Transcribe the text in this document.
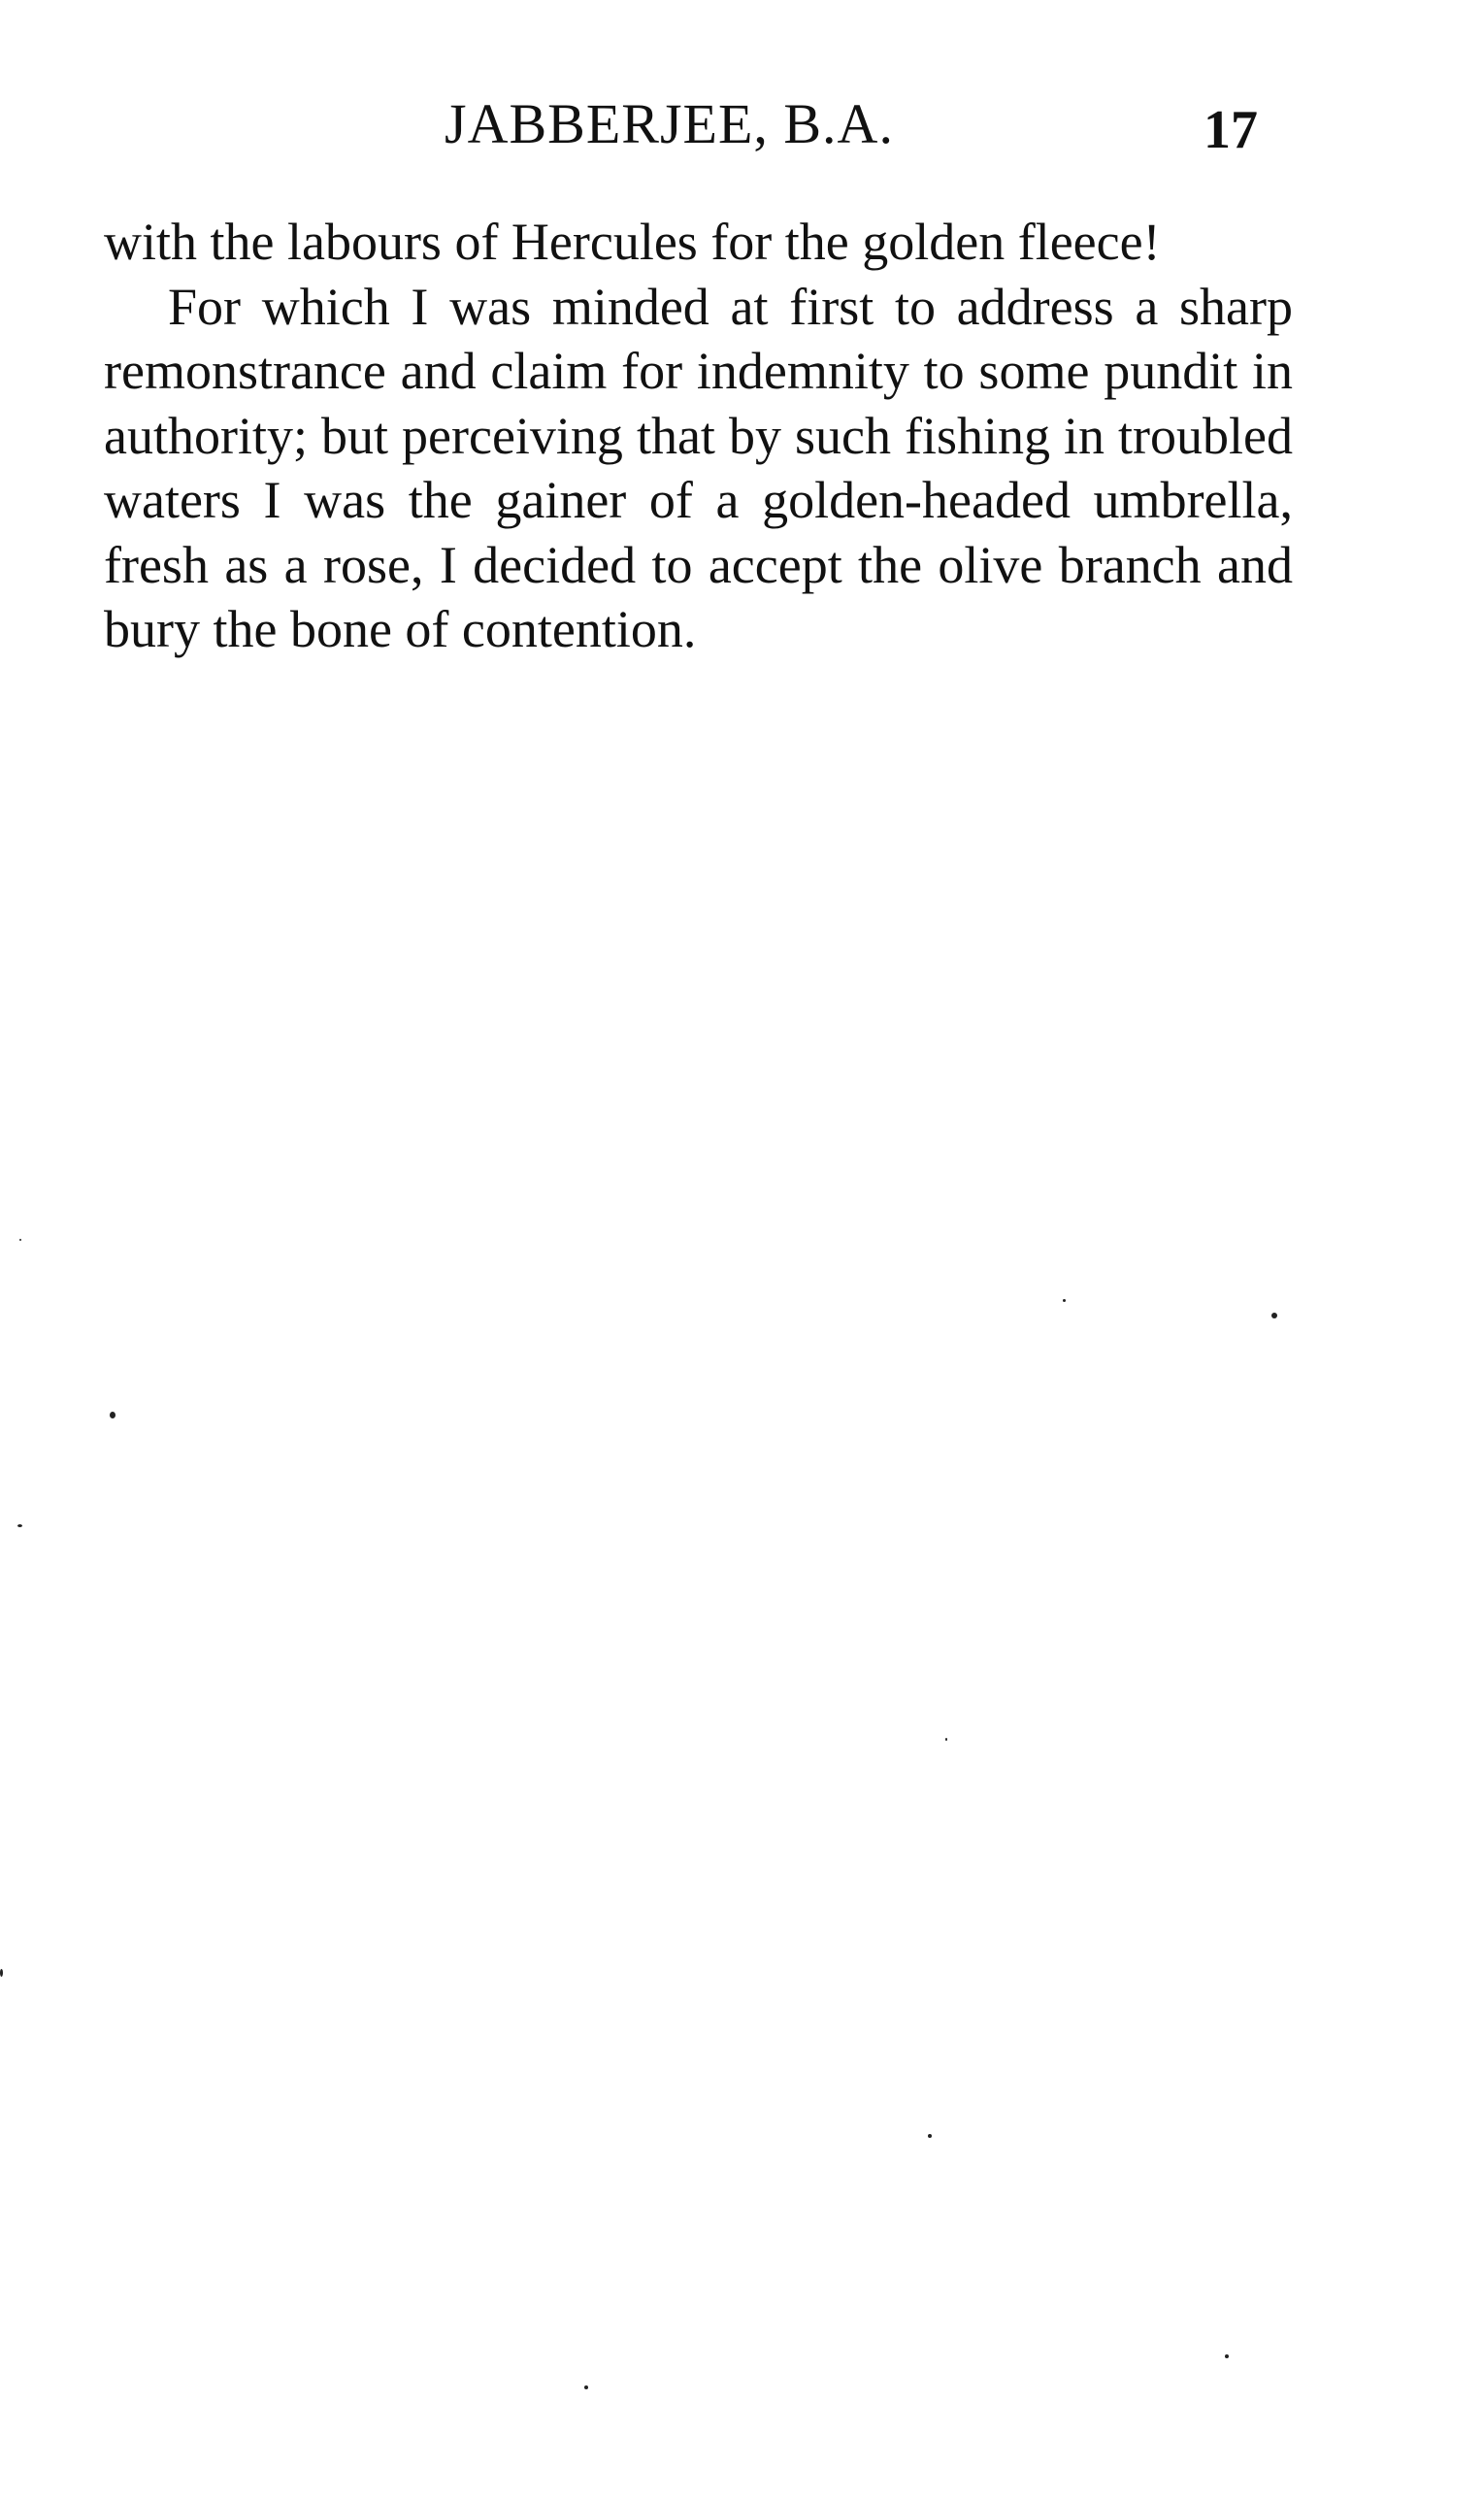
JABBERJEE, B.A.	17

with the labours of Hercules for the golden fleece!

For which I was minded at first to address a sharp remonstrance and claim for indemnity to some pundit in authority; but perceiving that by such fishing in troubled waters I was the gainer of a golden-headed umbrella, fresh as a rose, I decided to accept the olive branch and bury the bone of contention.
